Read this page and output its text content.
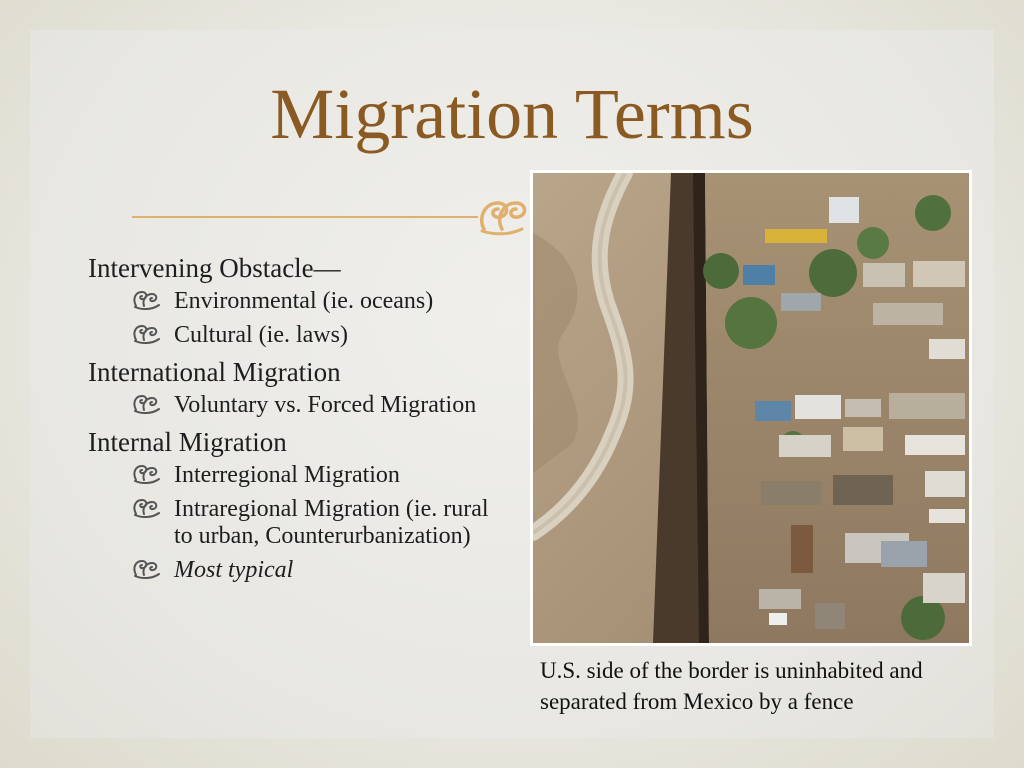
Migration Terms
Intervening Obstacle—
Environmental (ie. oceans)
Cultural (ie. laws)
International Migration
Voluntary vs. Forced Migration
Internal Migration
Interregional Migration
Intraregional Migration (ie. rural to urban, Counterurbanization)
Most typical

U.S. side of the border is uninhabited and separated from Mexico by a fence
